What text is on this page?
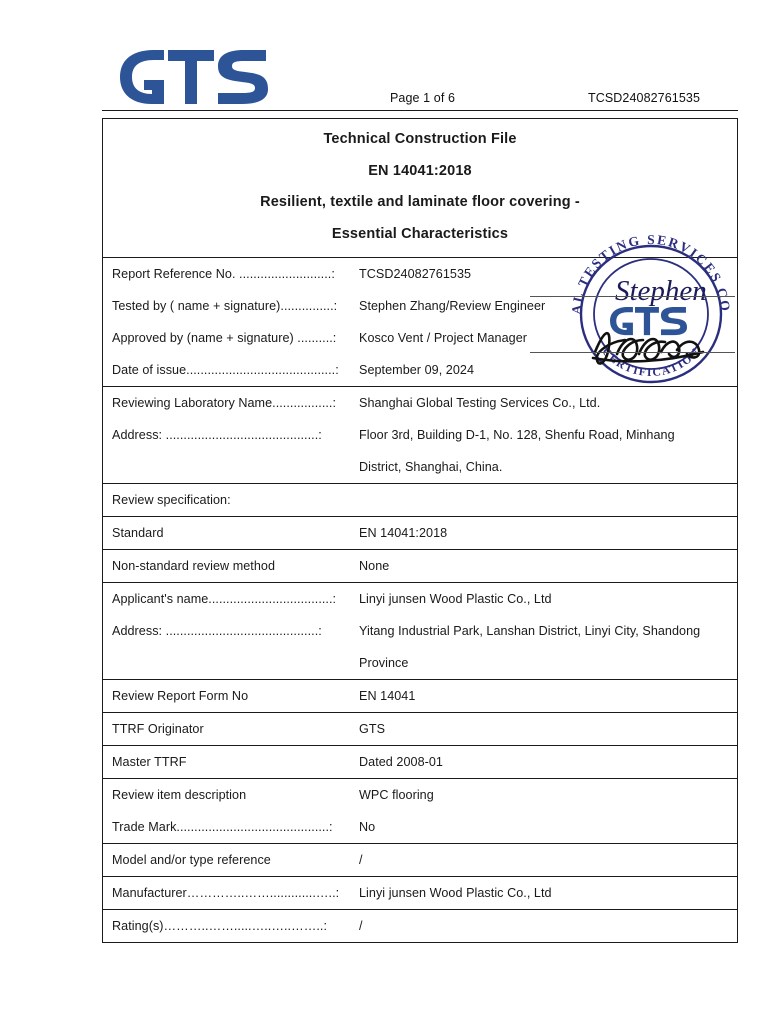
Page 1 of 6	TCSD24082761535
Technical Construction File
EN 14041:2018
Resilient, textile and laminate floor covering -
Essential Characteristics
Report Reference No. ..........................:	TCSD24082761535
Tested by ( name + signature)...............:	Stephen Zhang/Review Engineer
Approved by (name + signature) ..........:	Kosco Vent / Project Manager
Date of issue..........................................:	September 09, 2024
Reviewing Laboratory Name.................:	Shanghai Global Testing Services Co., Ltd.
Address: ...........................................:	Floor 3rd, Building D-1, No. 128, Shenfu Road, Minhang
District, Shanghai, China.
Review specification:
Standard	EN 14041:2018
Non-standard review method	None
Applicant's name...................................:	Linyi junsen Wood Plastic Co., Ltd
Address: ...........................................:	Yitang Industrial Park, Lanshan District, Linyi City, Shandong
Province
Review Report Form No	EN 14041
TTRF Originator	GTS
Master TTRF	Dated 2008-01
Review item description	WPC flooring
Trade Mark...........................................:	No
Model and/or type reference	/
Manufacturer…………..…….............…..:	Linyi junsen Wood Plastic Co., Ltd
Rating(s)………..…….....…..…..……..:	/
GLOBAL TESTING SERVICES CO.,LTD.
CERTIFICATION
Stephen
